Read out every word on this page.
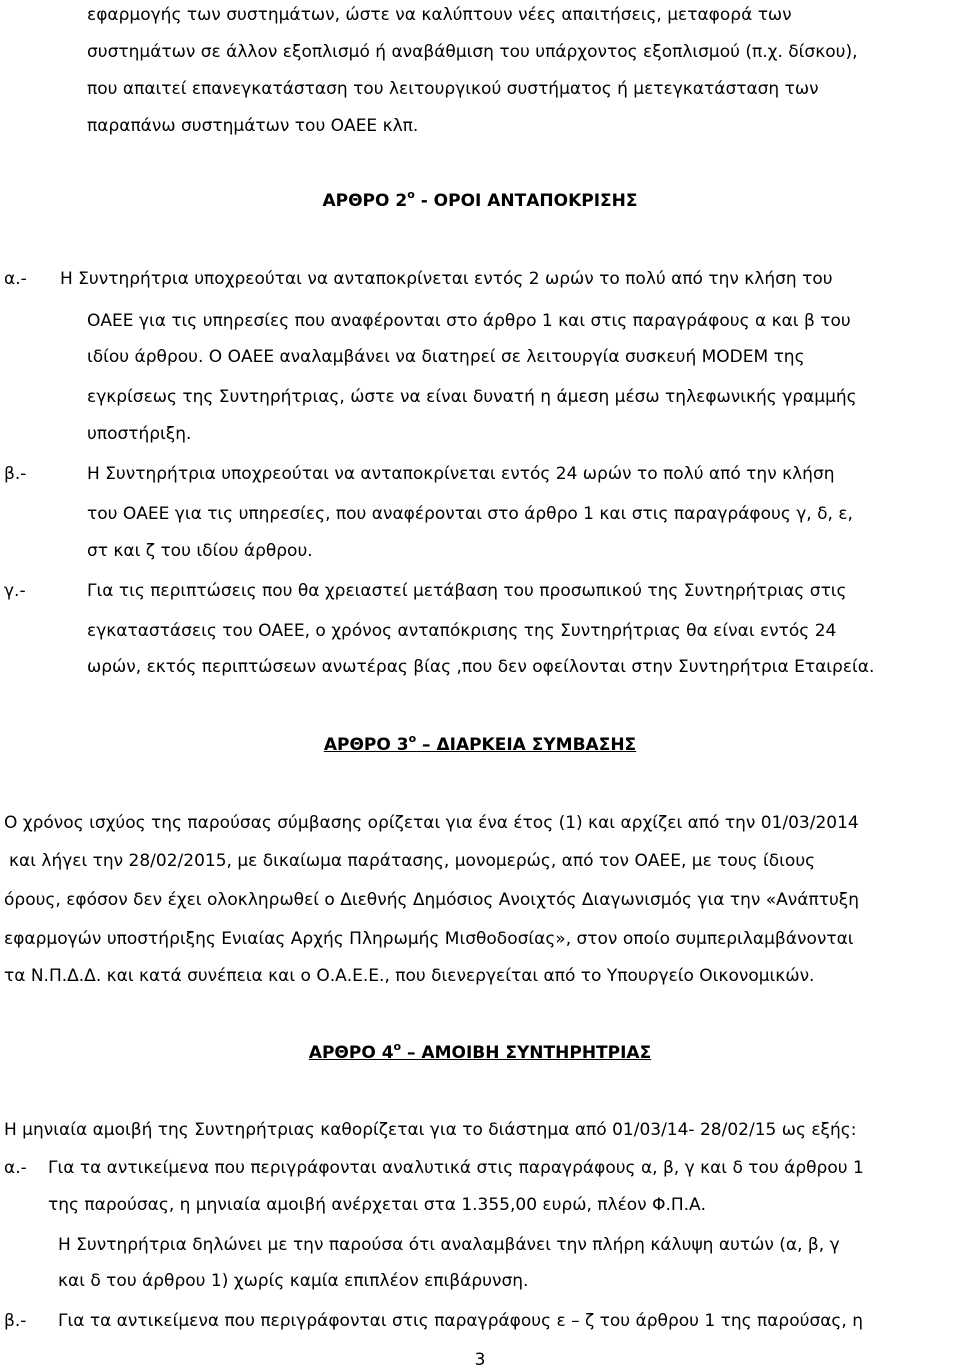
εφαρμογής των συστημάτων, ώστε να καλύπτουν νέες απαιτήσεις, μεταφορά των
συστημάτων σε άλλον εξοπλισμό ή αναβάθμιση του υπάρχοντος εξοπλισμού (π.χ. δίσκου),
που απαιτεί επανεγκατάσταση του λειτουργικού συστήματος ή μετεγκατάσταση των
παραπάνω συστημάτων του ΟΑΕΕ κλπ.
ΑΡΘΡΟ $2^o$ - ΟΡΟΙ ΑΝΤΑΠΟΚΡΙΣΗΣ
α.- Η Συντηρήτρια υποχρεούται να ανταποκρίνεται εντός 2 ωρών το πολύ από την κλήση του
ΟΑΕΕ για τις υπηρεσίες που αναφέρονται στο άρθρο 1 και στις παραγράφους α και β του
ιδίου άρθρου. Ο ΟΑΕΕ αναλαμβάνει να διατηρεί σε λειτουργία συσκευή MODEM της
εγκρίσεως της Συντηρήτριας, ώστε να είναι δυνατή η άμεση μέσω τηλεφωνικής γραμμής
υποστήριξη.
β.-	Η Συντηρήτρια υποχρεούται να ανταποκρίνεται εντός 24 ωρών το πολύ από την κλήση
του ΟΑΕΕ για τις υπηρεσίες, που αναφέρονται στο άρθρο 1 και στις παραγράφους γ, δ, ε,
στ και ζ του ιδίου άρθρου.
γ.-	Για τις περιπτώσεις που θα χρειαστεί μετάβαση του προσωπικού της Συντηρήτριας στις
εγκαταστάσεις του ΟΑΕΕ, ο χρόνος ανταπόκρισης της Συντηρήτριας θα είναι εντός 24
ωρών, εκτός περιπτώσεων ανωτέρας βίας ,που δεν οφείλονται στην Συντηρήτρια Εταιρεία.
ΑΡΘΡΟ $3^o$ – ΔΙΑΡΚΕΙΑ ΣΥΜΒΑΣΗΣ
Ο χρόνος ισχύος της παρούσας σύμβασης ορίζεται για ένα έτος (1) και αρχίζει από την 01/03/2014
και λήγει την 28/02/2015, με δικαίωμα παράτασης, μονομερώς, από τον ΟΑΕΕ, με τους ίδιους
όρους, εφόσον δεν έχει ολοκληρωθεί ο Διεθνής Δημόσιος Ανοιχτός Διαγωνισμός για την «Ανάπτυξη
εφαρμογών υποστήριξης Ενιαίας Αρχής Πληρωμής Μισθοδοσίας», στον οποίο συμπεριλαμβάνονται
τα Ν.Π.Δ.Δ. και κατά συνέπεια και ο Ο.Α.Ε.Ε., που διενεργείται από το Υπουργείο Οικονομικών.
ΑΡΘΡΟ $4^o$ – ΑΜΟΙΒΗ ΣΥΝΤΗΡΗΤΡΙΑΣ
Η μηνιαία αμοιβή της Συντηρήτριας καθορίζεται για το διάστημα από 01/03/14- 28/02/15 ως εξής:
α.- Για τα αντικείμενα που περιγράφονται αναλυτικά στις παραγράφους α, β, γ και δ του άρθρου 1
της παρούσας, η μηνιαία αμοιβή ανέρχεται στα 1.355,00 ευρώ, πλέον Φ.Π.Α.
Η Συντηρήτρια δηλώνει με την παρούσα ότι αναλαμβάνει την πλήρη κάλυψη αυτών (α, β, γ
και δ του άρθρου 1) χωρίς καμία επιπλέον επιβάρυνση.
β.- Για τα αντικείμενα που περιγράφονται στις παραγράφους ε – ζ του άρθρου 1 της παρούσας, η
3
